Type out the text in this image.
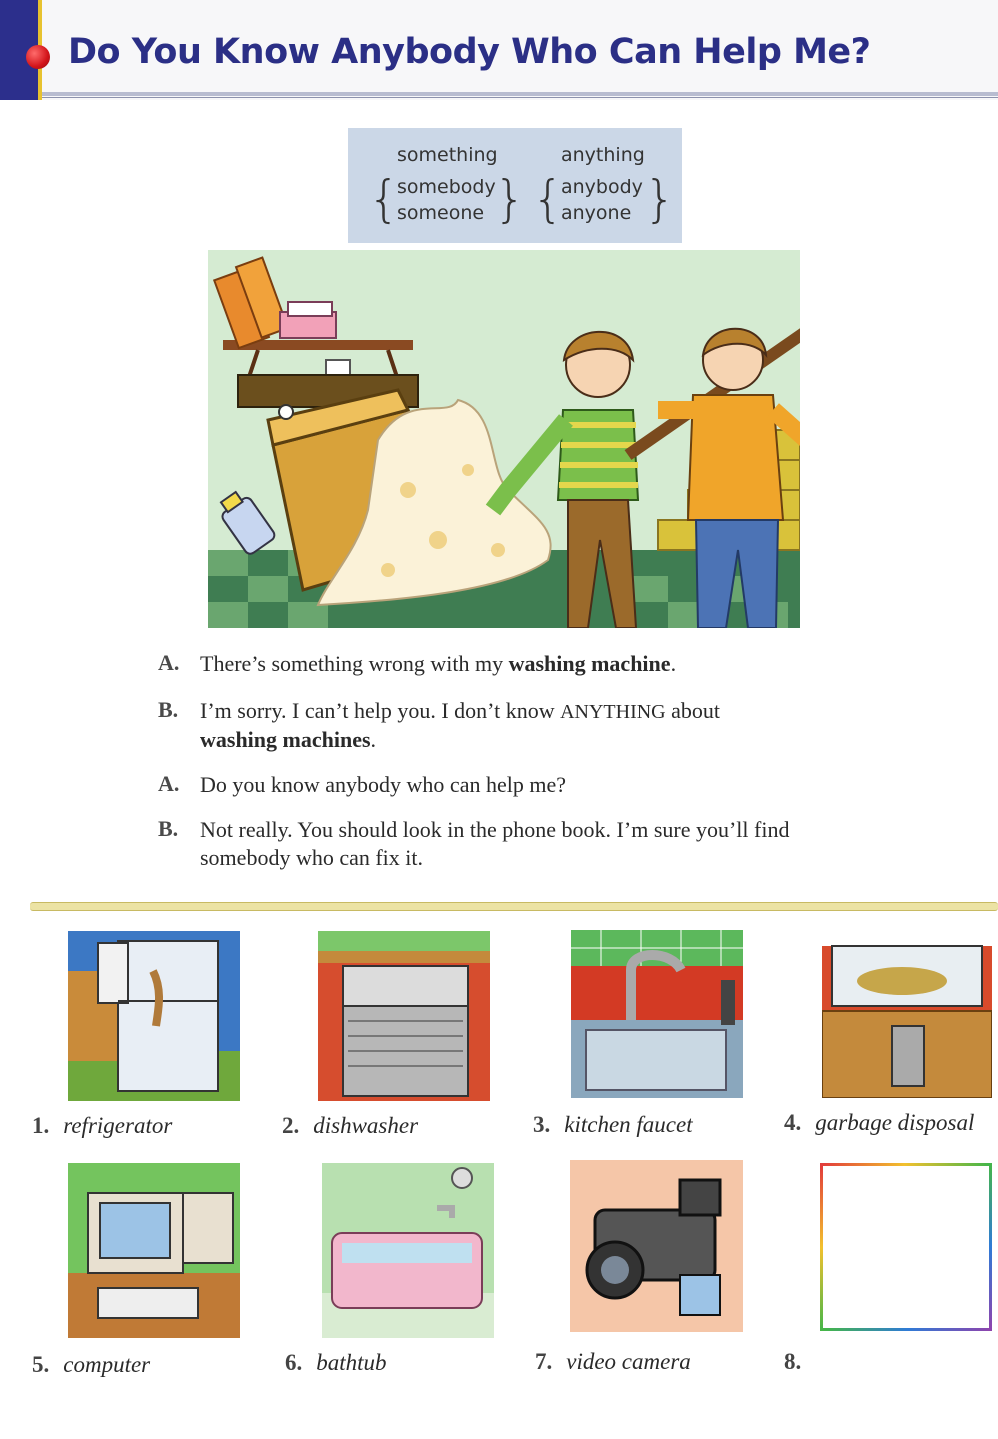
Do You Know Anybody Who Can Help Me?
something	anything
{
somebody
someone } {
anybody
anyone }
A. There’s something wrong with my washing machine.
B. I’m sorry. I can’t help you. I don’t know ANYTHING about
washing machines.
A. Do you know anybody who can help me?
B. Not really. You should look in the phone book. I’m sure you’ll find somebody who can fix it.
1. refrigerator	2. dishwasher	3. kitchen faucet	4. garbage disposal
5. computer	6. bathtub	7. video camera	8.
